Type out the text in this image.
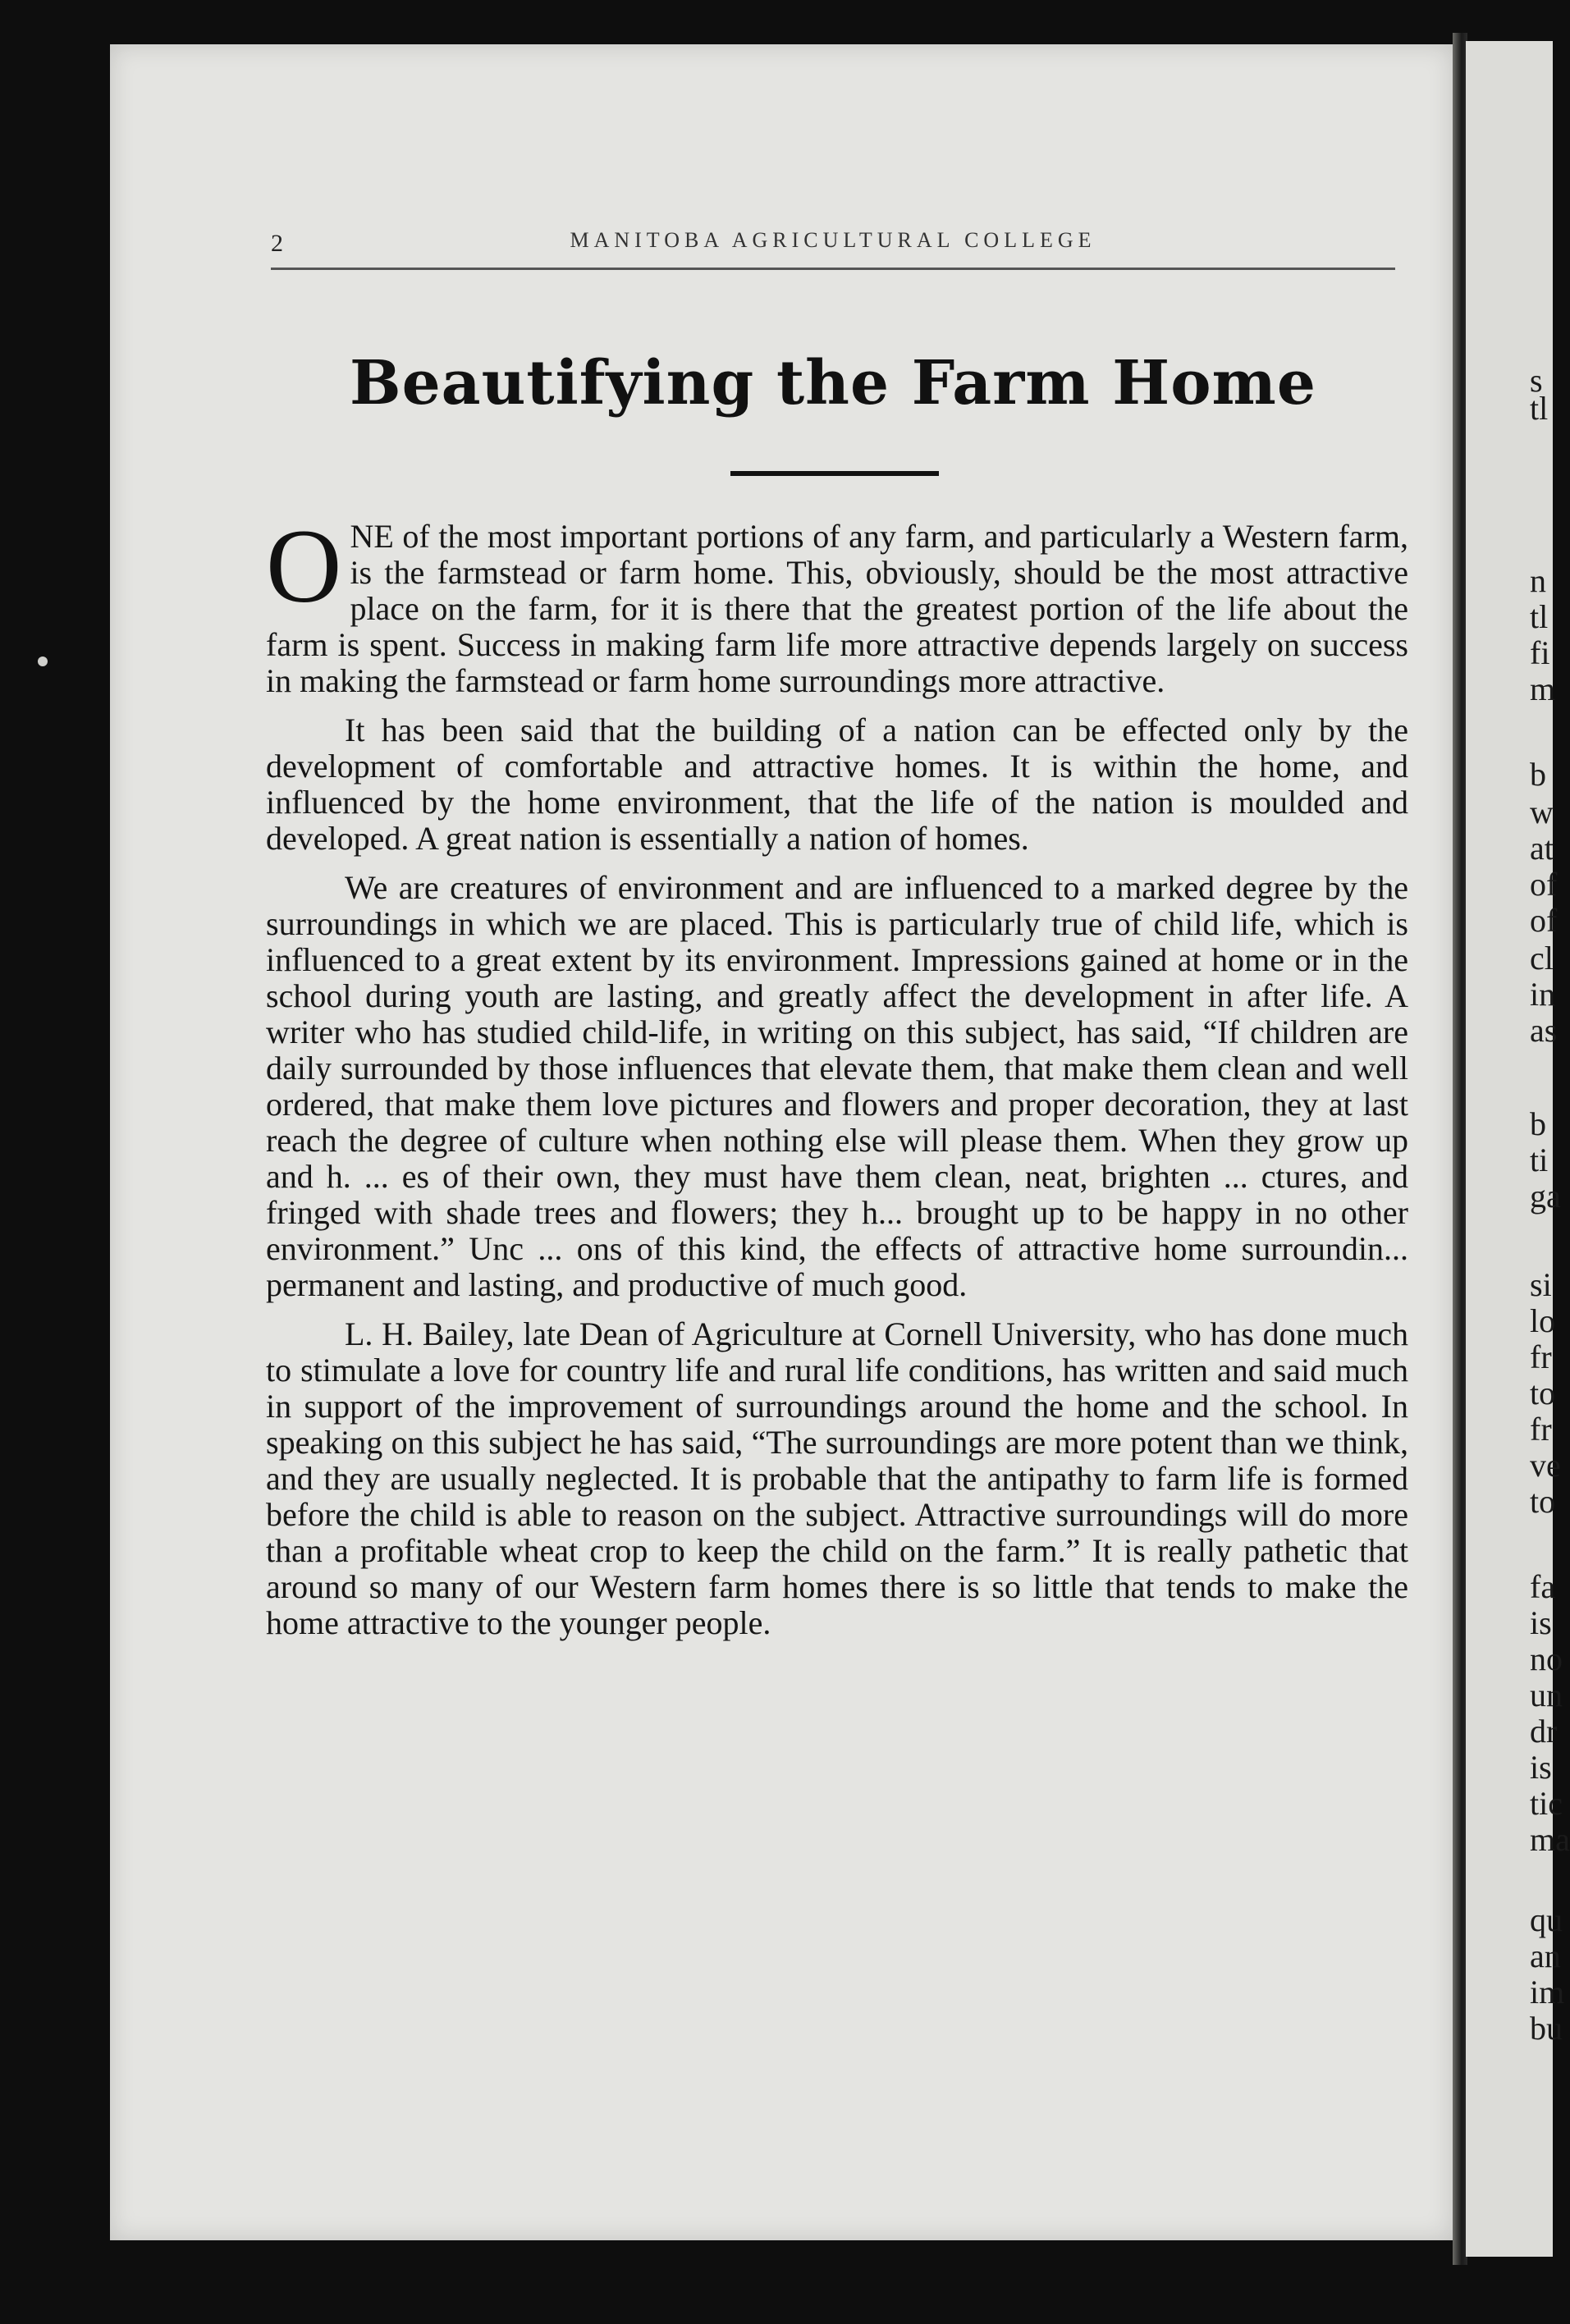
2	MANITOBA AGRICULTURAL COLLEGE
Beautifying the Farm Home

ONE of the most important portions of any farm, and particularly a Western farm, is the farmstead or farm home. This, obviously, should be the most attractive place on the farm, for it is there that the greatest portion of the life about the farm is spent. Success in making farm life more attractive depends largely on success in making the farmstead or farm home surroundings more attractive.

It has been said that the building of a nation can be effected only by the development of comfortable and attractive homes. It is within the home, and influenced by the home environment, that the life of the nation is moulded and developed. A great nation is essentially a nation of homes.

We are creatures of environment and are influenced to a marked degree by the surroundings in which we are placed. This is particularly true of child life, which is influenced to a great extent by its environment. Impressions gained at home or in the school during youth are lasting, and greatly affect the development in after life. A writer who has studied child-life, in writing on this subject, has said, “If children are daily surrounded by those influences that elevate them, that make them clean and well ordered, that make them love pictures and flowers and proper decoration, they at last reach the degree of culture when nothing else will please them. When they grow up and h. ... es of their own, they must have them clean, neat, brighten ... ctures, and fringed with shade trees and flowers; they h... brought up to be happy in no other environment.” Unc ... ons of this kind, the effects of attractive home surroundin... permanent and lasting, and productive of much good.

L. H. Bailey, late Dean of Agriculture at Cornell University, who has done much to stimulate a love for country life and rural life conditions, has written and said much in support of the improvement of surroundings around the home and the school. In speaking on this subject he has said, “The surroundings are more potent than we think, and they are usually neglected. It is probable that the antipathy to farm life is formed before the child is able to reason on the subject. Attractive surroundings will do more than a profitable wheat crop to keep the child on the farm.” It is really pathetic that around so many of our Western farm homes there is so little that tends to make the home attractive to the younger people.

s
tl
n
tl
fi
m
b
w
at
of
of
cl
in
as
b
ti
ga
si
lo
fr
to
fr
ve
to
fa
is
no
un
dr
is
tic
ma
qu
an
im
bu
